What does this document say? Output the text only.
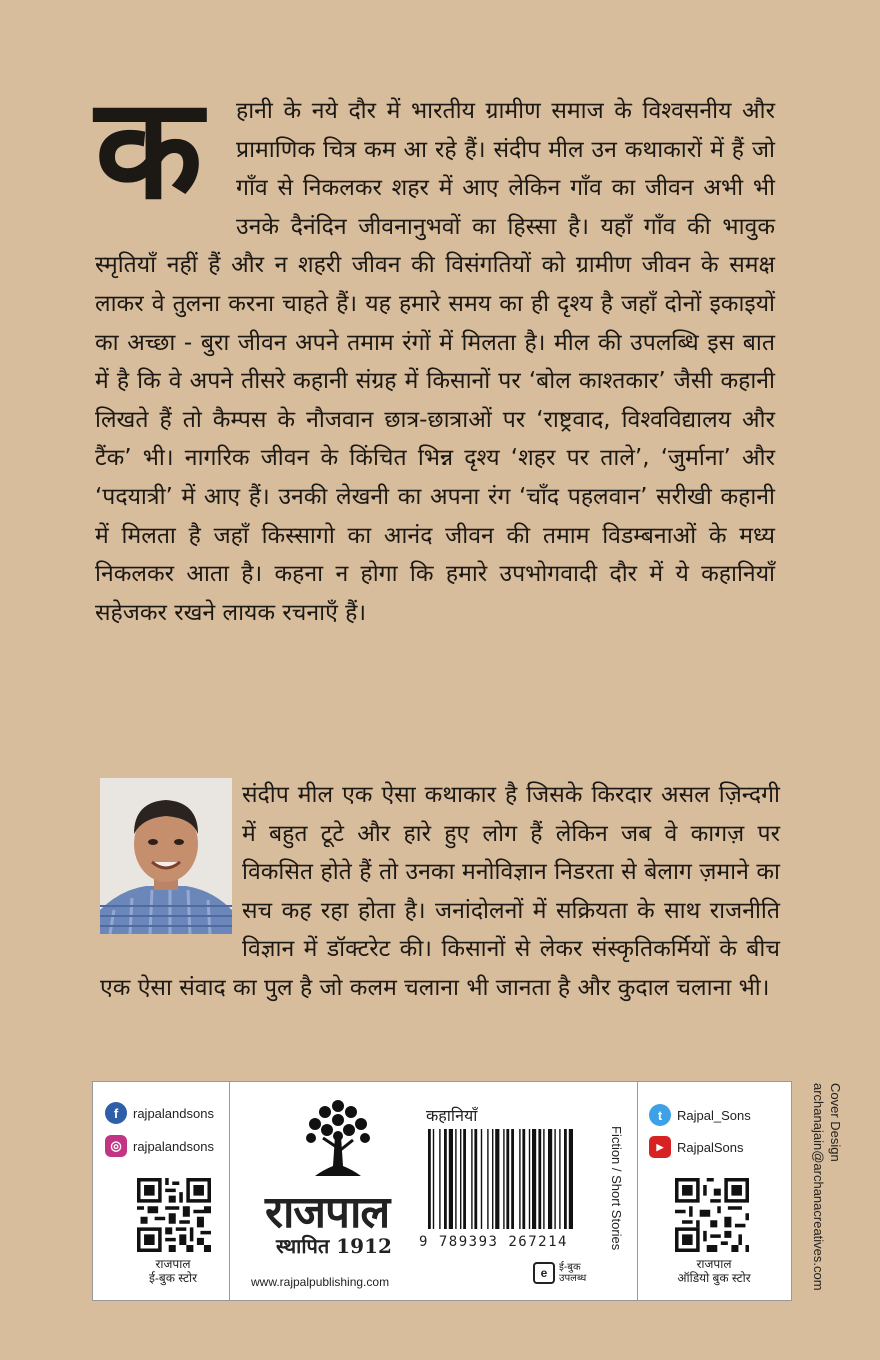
क	हानी के नये दौर में भारतीय ग्रामीण समाज के विश्वसनीय और प्रामाणिक चित्र कम आ रहे हैं। संदीप मील उन कथाकारों में हैं जो गाँव से निकलकर शहर में आए लेकिन गाँव का जीवन अभी भी उनके दैनंदिन जीवनानुभवों का हिस्सा है। यहाँ गाँव की भावुक स्मृतियाँ नहीं हैं और न शहरी जीवन की विसंगतियों को ग्रामीण जीवन के समक्ष लाकर वे तुलना करना चाहते हैं। यह हमारे समय का ही दृश्य है जहाँ दोनों इकाइयों का अच्छा - बुरा जीवन अपने तमाम रंगों में मिलता है। मील की उपलब्धि इस बात में है कि वे अपने तीसरे कहानी संग्रह में किसानों पर ‘बोल काश्तकार’ जैसी कहानी लिखते हैं तो कैम्पस के नौजवान छात्र-छात्राओं पर ‘राष्ट्रवाद, विश्वविद्यालय और टैंक’ भी। नागरिक जीवन के किंचित भिन्न दृश्य ‘शहर पर ताले’, ‘जुर्माना’ और ‘पदयात्री’ में आए हैं। उनकी लेखनी का अपना रंग ‘चाँद पहलवान’ सरीखी कहानी में मिलता है जहाँ किस्सागो का आनंद जीवन की तमाम विडम्बनाओं के मध्य निकलकर आता है। कहना न होगा कि हमारे उपभोगवादी दौर में ये कहानियाँ सहेजकर रखने लायक रचनाएँ हैं।
संदीप मील एक ऐसा कथाकार है जिसके किरदार असल ज़िन्दगी में बहुत टूटे और हारे हुए लोग हैं लेकिन जब वे कागज़ पर विकसित होते हैं तो उनका मनोविज्ञान निडरता से बेलाग ज़माने का सच कह रहा होता है। जनांदोलनों में सक्रियता के साथ राजनीति विज्ञान में डॉक्टरेट की। किसानों से लेकर संस्कृतिकर्मियों के बीच एक ऐसा संवाद का पुल है जो कलम चलाना भी जानता है और कुदाल चलाना भी।
f	rajpalandsons
◎ rajpalandsons
राजपाल
ई-बुक स्टोर
राजपाल
स्थापित 1912
www.rajpalpublishing.com
कहानियाँ
9 789393 267214	Fiction / Short Stories
e	ई-बुक
उपलब्ध
t	Rajpal_Sons
▶	RajpalSons
राजपाल
ऑडियो बुक स्टोर
Cover Design
archanajain@archanacreatives.com
